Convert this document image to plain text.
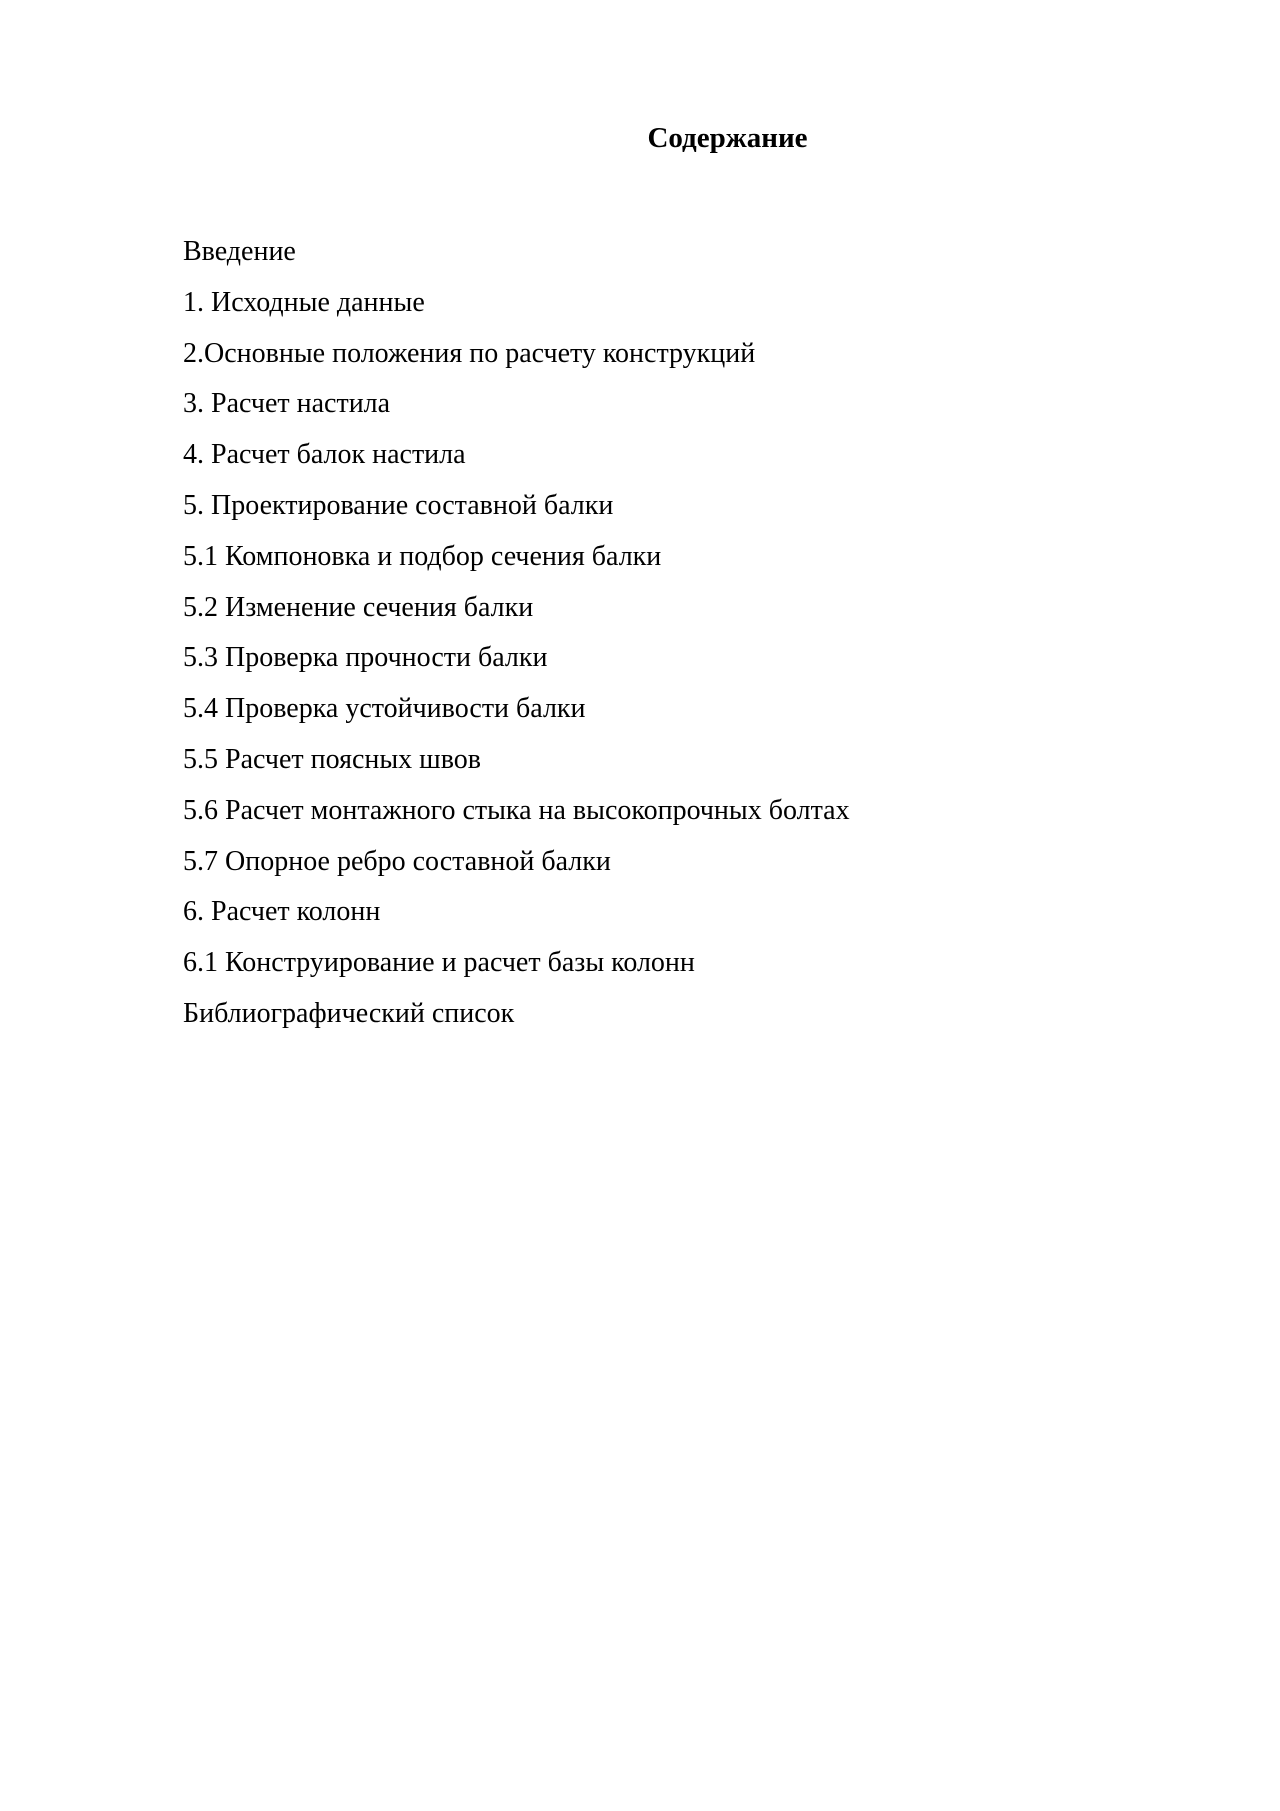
Содержание
Введение
1. Исходные данные
2.Основные положения по расчету конструкций
3. Расчет настила
4. Расчет балок настила
5. Проектирование составной балки
5.1 Компоновка и подбор сечения балки
5.2 Изменение сечения балки
5.3 Проверка прочности балки
5.4 Проверка устойчивости балки
5.5 Расчет поясных швов
5.6 Расчет монтажного стыка на высокопрочных болтах
5.7 Опорное ребро составной балки
6. Расчет колонн
6.1 Конструирование и расчет базы колонн
Библиографический список
